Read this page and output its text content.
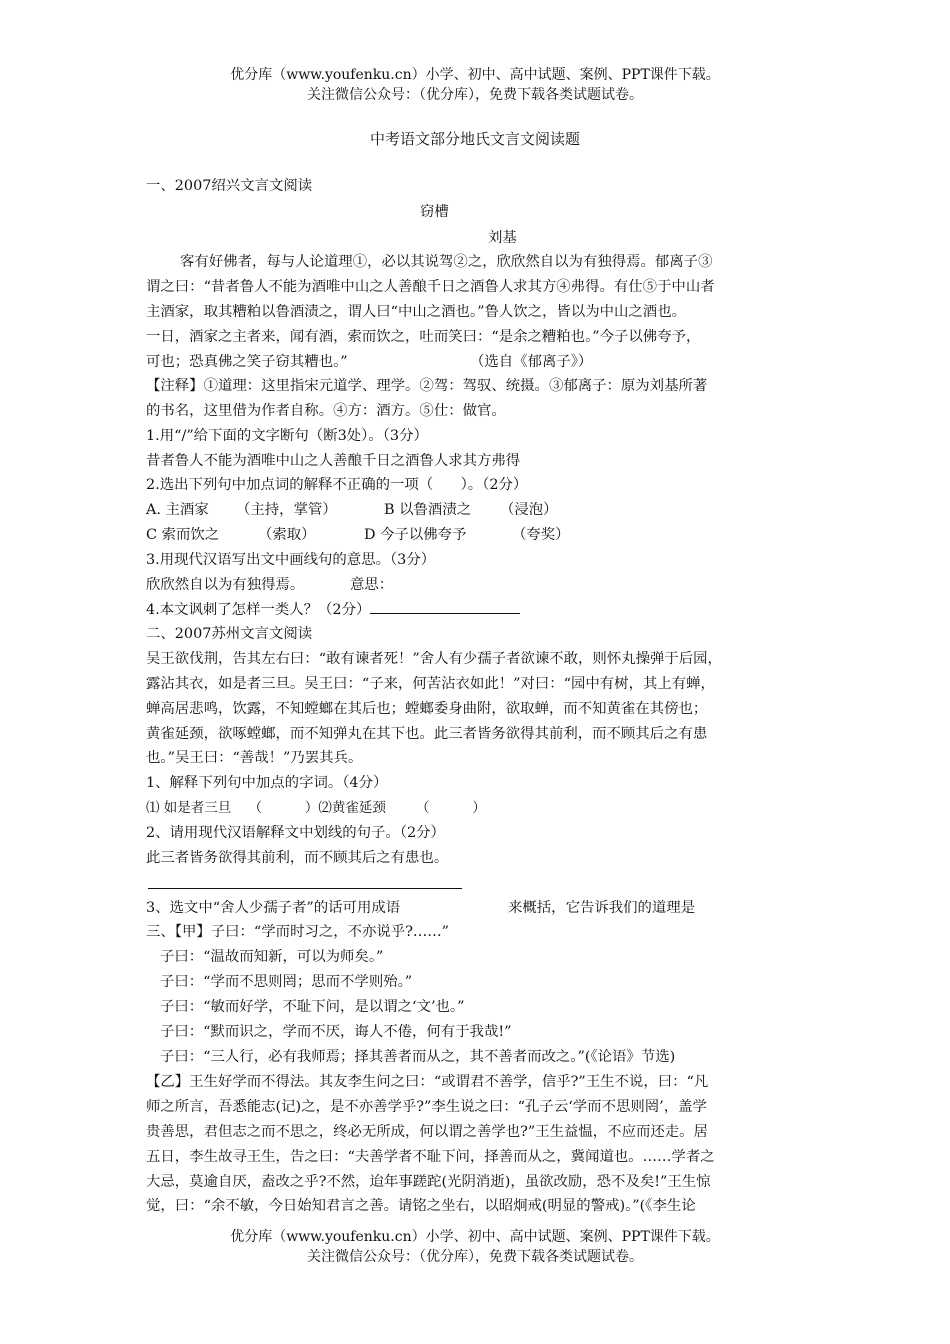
优分库（www.youfenku.cn）小学、初中、高中试题、案例、PPT课件下载。
关注微信公众号：（优分库），免费下载各类试题试卷。
中考语文部分地氏文言文阅读题
一、2007绍兴文言文阅读
窃槽
刘基
客有好佛者，每与人论道理①，必以其说驾②之，欣欣然自以为有独得焉。郁离子③
谓之曰：“昔者鲁人不能为酒唯中山之人善酿千日之酒鲁人求其方④弗得。有仕⑤于中山者
主酒家，取其糟粕以鲁酒渍之，谓人曰“中山之酒也。”鲁人饮之，皆以为中山之酒也。
一日，酒家之主者来，闻有酒，索而饮之，吐而笑曰：“是余之糟粕也。”今子以佛夸予，
可也；恐真佛之笑子窃其糟也。”	（选自《郁离子》）
【注释】①道理：这里指宋元道学、理学。②驾：驾驭、统摄。③郁离子：原为刘基所著
的书名，这里借为作者自称。④方：酒方。⑤仕：做官。
1.用“/”给下面的文字断句（断3处）。（3分）
昔者鲁人不能为酒唯中山之人善酿千日之酒鲁人求其方弗得
2.选出下列句中加点词的解释不正确的一项（      ）。（2分）
A. 主酒家 （主持，掌管）	B 以鲁酒渍之 （浸泡）
C 索而饮之	（索取）	D 今子以佛夸予	（夸奖）
3.用现代汉语写出文中画线句的意思。（3分）
欣欣然自以为有独得焉。	意思：
4.本文讽刺了怎样一类人？（2分）
二、2007苏州文言文阅读
吴王欲伐荆，告其左右曰：“敢有谏者死！”舍人有少孺子者欲谏不敢，则怀丸操弹于后园，
露沾其衣，如是者三旦。吴王曰：“子来，何苦沾衣如此！”对曰：“园中有树，其上有蝉，
蝉高居悲鸣，饮露，不知螳螂在其后也；螳螂委身曲附，欲取蝉，而不知黄雀在其傍也；
黄雀延颈，欲啄螳螂，而不知弹丸在其下也。此三者皆务欲得其前利，而不顾其后之有患
也。”吴王曰：“善哉！”乃罢其兵。
1、解释下列句中加点的字词。（4分）
⑴ 如是者三旦    （          ）⑵黄雀延颈       （          ）
2、请用现代汉语解释文中划线的句子。（2分）
此三者皆务欲得其前利，而不顾其后之有患也。
3、选文中“舍人少孺子者”的话可用成语	来概括，它告诉我们的道理是
三、【甲】子曰：“学而时习之，不亦说乎?……”
子曰：“温故而知新，可以为师矣。”
子曰：“学而不思则罔；思而不学则殆。”
子曰：“敏而好学，不耻下问，是以谓之‘文’也。”
子曰：“默而识之，学而不厌，诲人不倦，何有于我哉!”
子曰：“三人行，必有我师焉；择其善者而从之，其不善者而改之。”(《论语》节选)
【乙】王生好学而不得法。其友李生问之曰：“或谓君不善学，信乎?”王生不说，曰：“凡
师之所言，吾悉能志(记)之，是不亦善学乎?”李生说之曰：“孔子云‘学而不思则罔’，盖学
贵善思，君但志之而不思之，终必无所成，何以谓之善学也?”王生益愠，不应而还走。居
五日，李生故寻王生，告之曰：“夫善学者不耻下问，择善而从之，冀闻道也。……学者之
大忌，莫逾自厌，盍改之乎?不然，迨年事蹉跎(光阴消逝)，虽欲改励，恐不及矣!”王生惊
觉，曰：“余不敏，今日始知君言之善。请铭之坐右，以昭炯戒(明显的警戒)。”(《李生论
优分库（www.youfenku.cn）小学、初中、高中试题、案例、PPT课件下载。
关注微信公众号：（优分库），免费下载各类试题试卷。
